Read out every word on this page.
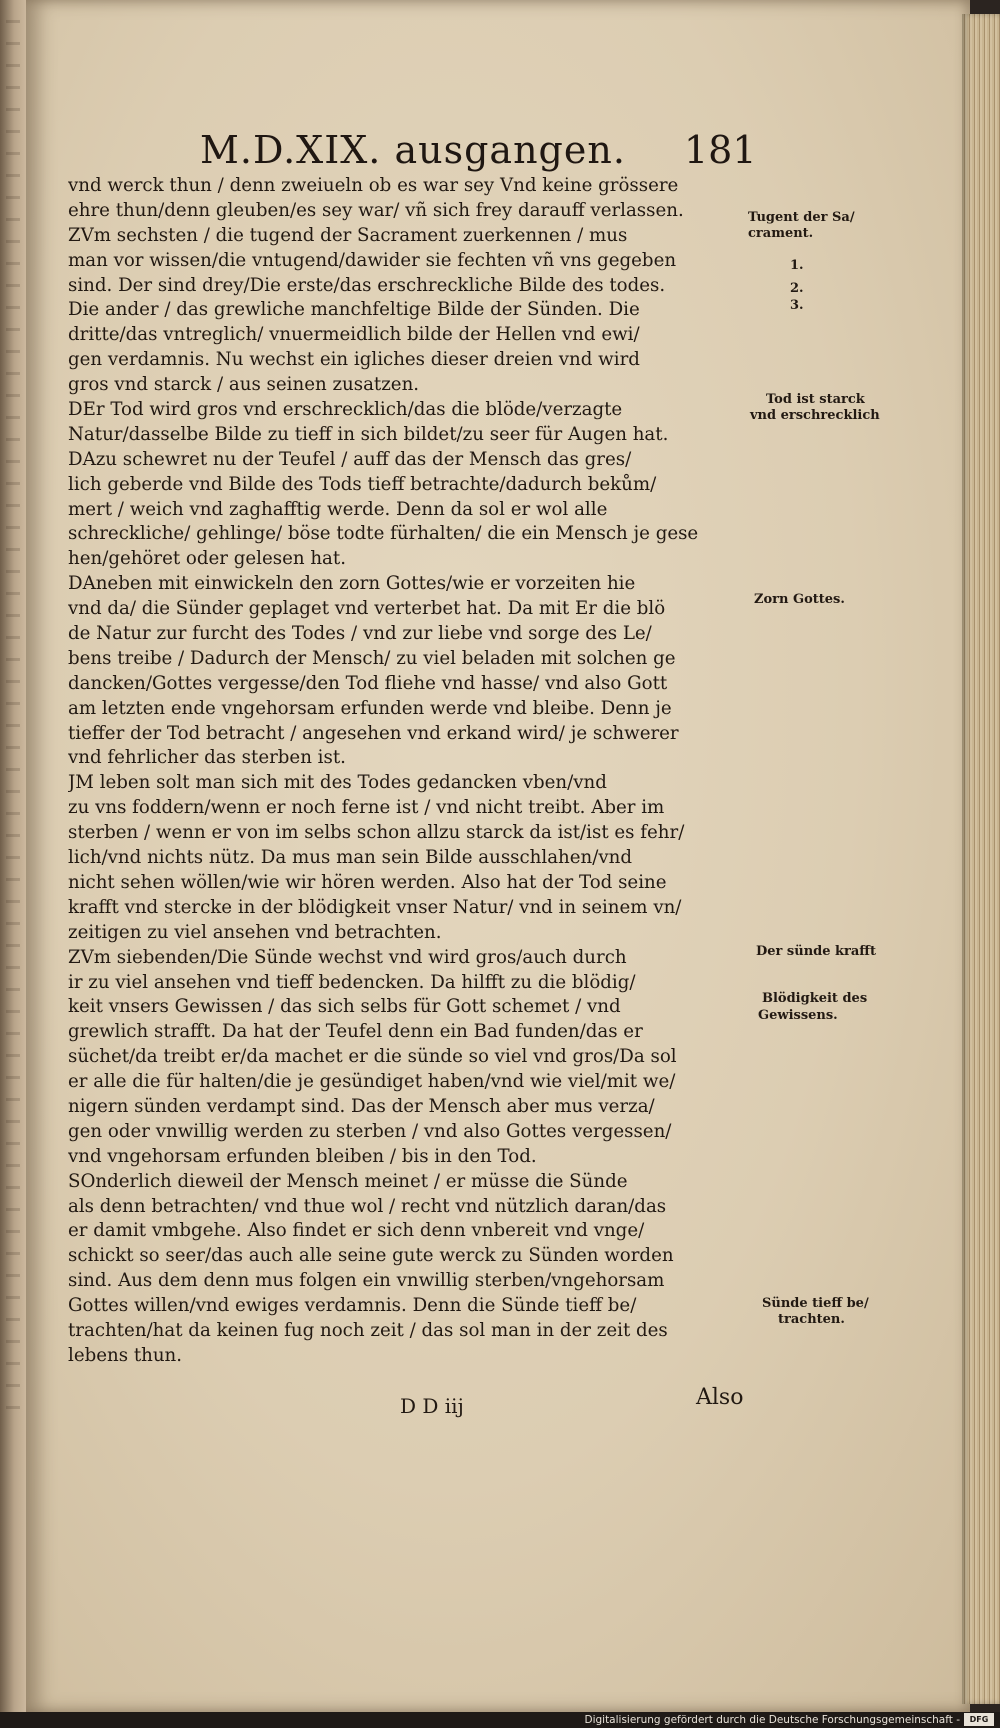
M.D.XIX. ausgangen. 181
vnd werck thun / denn zweiueln ob es war sey Vnd keine grössere
ehre thun/denn gleuben/es sey war/ vñ sich frey darauff verlassen.
ZVm sechsten / die tugend der Sacrament zuerkennen / mus
man vor wissen/die vntugend/dawider sie fechten vñ vns gegeben
sind. Der sind drey/Die erste/das erschreckliche Bilde des todes.
Die ander / das grewliche manchfeltige Bilde der Sünden. Die
dritte/das vntreglich/ vnuermeidlich bilde der Hellen vnd ewi/
gen verdamnis. Nu wechst ein igliches dieser dreien vnd wird
gros vnd starck / aus seinen zusatzen.
DEr Tod wird gros vnd erschrecklich/das die blöde/verzagte
Natur/dasselbe Bilde zu tieff in sich bildet/zu seer für Augen hat.
DAzu schewret nu der Teufel / auff das der Mensch das gres/
lich geberde vnd Bilde des Tods tieff betrachte/dadurch bekům/
mert / weich vnd zaghafftig werde. Denn da sol er wol alle
schreckliche/ gehlinge/ böse todte fürhalten/ die ein Mensch je gese
hen/gehöret oder gelesen hat.
DAneben mit einwickeln den zorn Gottes/wie er vorzeiten hie
vnd da/ die Sünder geplaget vnd verterbet hat. Da mit Er die blö
de Natur zur furcht des Todes / vnd zur liebe vnd sorge des Le/
bens treibe / Dadurch der Mensch/ zu viel beladen mit solchen ge
dancken/Gottes vergesse/den Tod fliehe vnd hasse/ vnd also Gott
am letzten ende vngehorsam erfunden werde vnd bleibe. Denn je
tieffer der Tod betracht / angesehen vnd erkand wird/ je schwerer
vnd fehrlicher das sterben ist.
JM leben solt man sich mit des Todes gedancken vben/vnd
zu vns foddern/wenn er noch ferne ist / vnd nicht treibt. Aber im
sterben / wenn er von im selbs schon allzu starck da ist/ist es fehr/
lich/vnd nichts nütz. Da mus man sein Bilde ausschlahen/vnd
nicht sehen wöllen/wie wir hören werden. Also hat der Tod seine
krafft vnd stercke in der blödigkeit vnser Natur/ vnd in seinem vn/
zeitigen zu viel ansehen vnd betrachten.
ZVm siebenden/Die Sünde wechst vnd wird gros/auch durch
ir zu viel ansehen vnd tieff bedencken. Da hilfft zu die blödig/
keit vnsers Gewissen / das sich selbs für Gott schemet / vnd
grewlich strafft. Da hat der Teufel denn ein Bad funden/das er
süchet/da treibt er/da machet er die sünde so viel vnd gros/Da sol
er alle die für halten/die je gesündiget haben/vnd wie viel/mit we/
nigern sünden verdampt sind. Das der Mensch aber mus verza/
gen oder vnwillig werden zu sterben / vnd also Gottes vergessen/
vnd vngehorsam erfunden bleiben / bis in den Tod.
SOnderlich dieweil der Mensch meinet / er müsse die Sünde
als denn betrachten/ vnd thue wol / recht vnd nützlich daran/das
er damit vmbgehe. Also findet er sich denn vnbereit vnd vnge/
schickt so seer/das auch alle seine gute werck zu Sünden worden
sind. Aus dem denn mus folgen ein vnwillig sterben/vngehorsam
Gottes willen/vnd ewiges verdamnis. Denn die Sünde tieff be/
trachten/hat da keinen fug noch zeit / das sol man in der zeit des
lebens thun.
Tugent der Sa/
crament.
1.
2.
3.
Tod ist starck
vnd erschrecklich
Zorn Gottes.
Der sünde krafft
Blödigkeit des
Gewissens.
Sünde tieff be/
trachten.
D D iij	Also
Digitalisierung gefördert durch die Deutsche Forschungsgemeinschaft -	DFG
